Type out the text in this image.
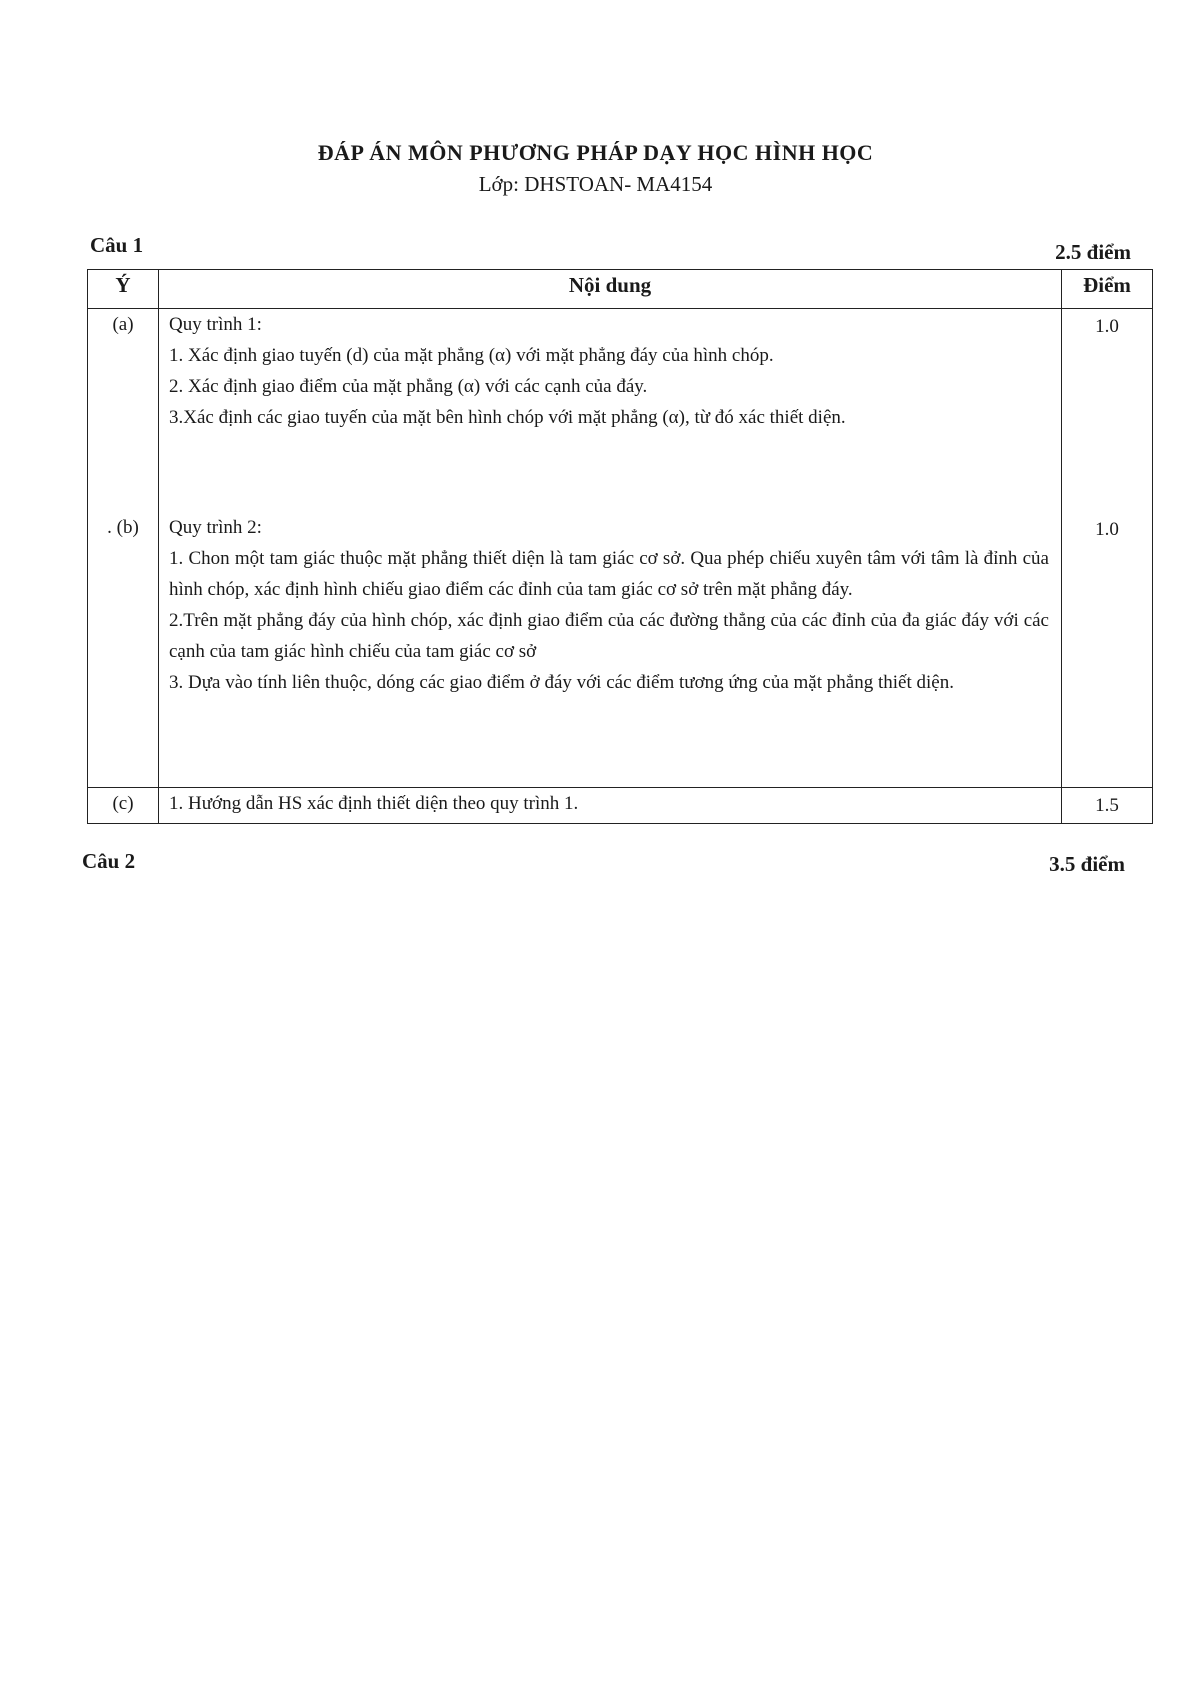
ĐÁP ÁN MÔN PHƯƠNG PHÁP DẠY HỌC HÌNH HỌC
Lớp: DHSTOAN- MA4154
Câu 1	2.5 điểm
Ý	Nội dung	Điểm
(a)	Quy trình 1:
1. Xác định giao tuyến (d) của mặt phẳng (α) với mặt phẳng đáy của hình chóp.
2. Xác định giao điểm của mặt phẳng (α) với các cạnh của đáy.
3.Xác định các giao tuyến của mặt bên hình chóp với mặt phẳng (α), từ đó xác thiết diện.	1.0
. (b)	Quy trình 2:
1. Chon một tam giác thuộc mặt phẳng thiết diện là tam giác cơ sở. Qua phép chiếu xuyên tâm với tâm là đỉnh của hình chóp, xác định hình chiếu giao điểm các đỉnh của tam giác cơ sở trên mặt phẳng đáy.
2.Trên mặt phẳng đáy của hình chóp, xác định giao điểm của các đường thẳng của các đỉnh của đa giác đáy với các cạnh của tam giác hình chiếu của tam giác cơ sở
3. Dựa vào tính liên thuộc, dóng các giao điểm ở đáy với các điểm tương ứng của mặt phẳng thiết diện.	1.0
(c)	1. Hướng dẫn HS xác định thiết diện theo quy trình 1.	1.5
Câu 2	3.5 điểm
